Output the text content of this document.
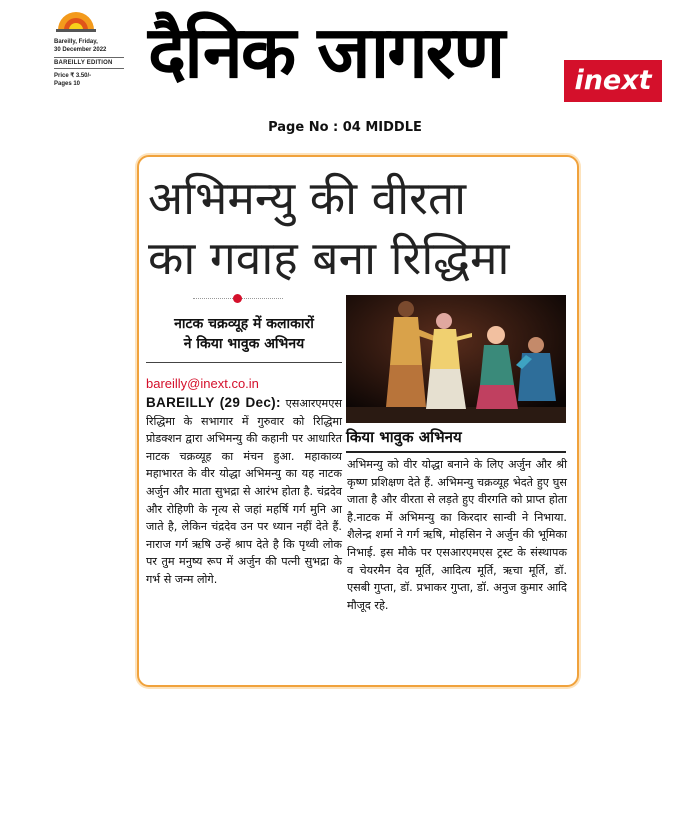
Bareilly, Friday,
30 December 2022
BAREILLY EDITION
Price ₹ 3.50/-
Pages 10 दैनिक जागरण	inext
Page No : 04 MIDDLE
अभिमन्यु की वीरता
का गवाह बना रिद्धिमा
नाटक चक्रव्यूह में कलाकारों
ने किया भावुक अभिनय
bareilly@inext.co.in
BAREILLY (29 Dec): एसआरएमएस रिद्धिमा के सभागार में गुरुवार को रिद्धिमा प्रोडक्शन द्वारा अभिमन्यु की कहानी पर आधारित नाटक चक्रव्यूह का मंचन हुआ. महाकाव्य महाभारत के वीर योद्धा अभिमन्यु का यह नाटक अर्जुन और माता सुभद्रा से आरंभ होता है. चंद्रदेव और रोहिणी के नृत्य से जहां महर्षि गर्ग मुनि आ जाते है, लेकिन चंद्रदेव उन पर ध्यान नहीं देते हैं. नाराज गर्ग ऋषि उन्हें श्राप देते है कि पृथ्वी लोक पर तुम मनुष्य रूप में अर्जुन की पत्नी सुभद्रा के गर्भ से जन्म लोगे.
किया भावुक अभिनय
अभिमन्यु को वीर योद्धा बनाने के लिए अर्जुन और श्री कृष्ण प्रशिक्षण देते हैं. अभिमन्यु चक्रव्यूह भेदते हुए घुस जाता है और वीरता से लड़ते हुए वीरगति को प्राप्त होता है.नाटक में अभिमन्यु का किरदार सान्वी ने निभाया. शैलेन्द्र शर्मा ने गर्ग ऋषि, मोहसिन ने अर्जुन की भूमिका निभाई. इस मौके पर एसआरएमएस ट्रस्ट के संस्थापक व चेयरमैन देव मूर्ति, आदित्य मूर्ति, ऋचा मूर्ति, डॉ. एसबी गुप्ता, डॉ. प्रभाकर गुप्ता, डॉ. अनुज कुमार आदि मौजूद रहे.
